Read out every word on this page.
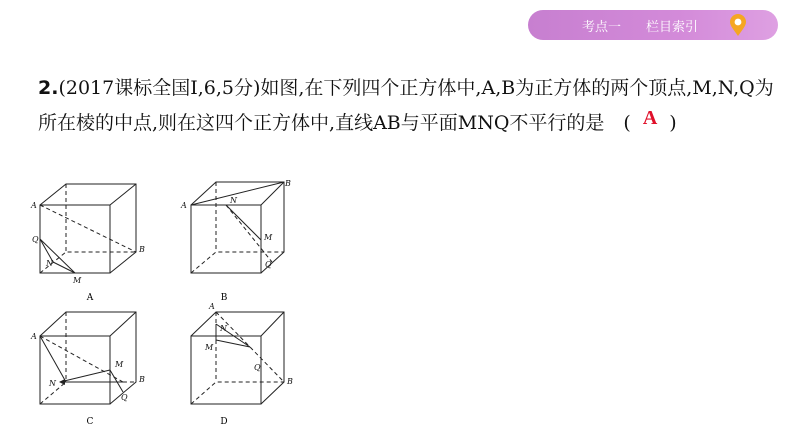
考点一 栏目索引
2.(2017课标全国Ⅰ,6,5分)如图,在下列四个正方体中,A,B为正方体的两个顶点,M,N,Q为所在棱的中点,则在这四个正方体中,直线AB与平面MNQ不平行的是　( A )
A
B
Q
N
M
A
A
B
N
M
Q
B
A
B
M
N
Q
C
A
B
N
M
Q
D
